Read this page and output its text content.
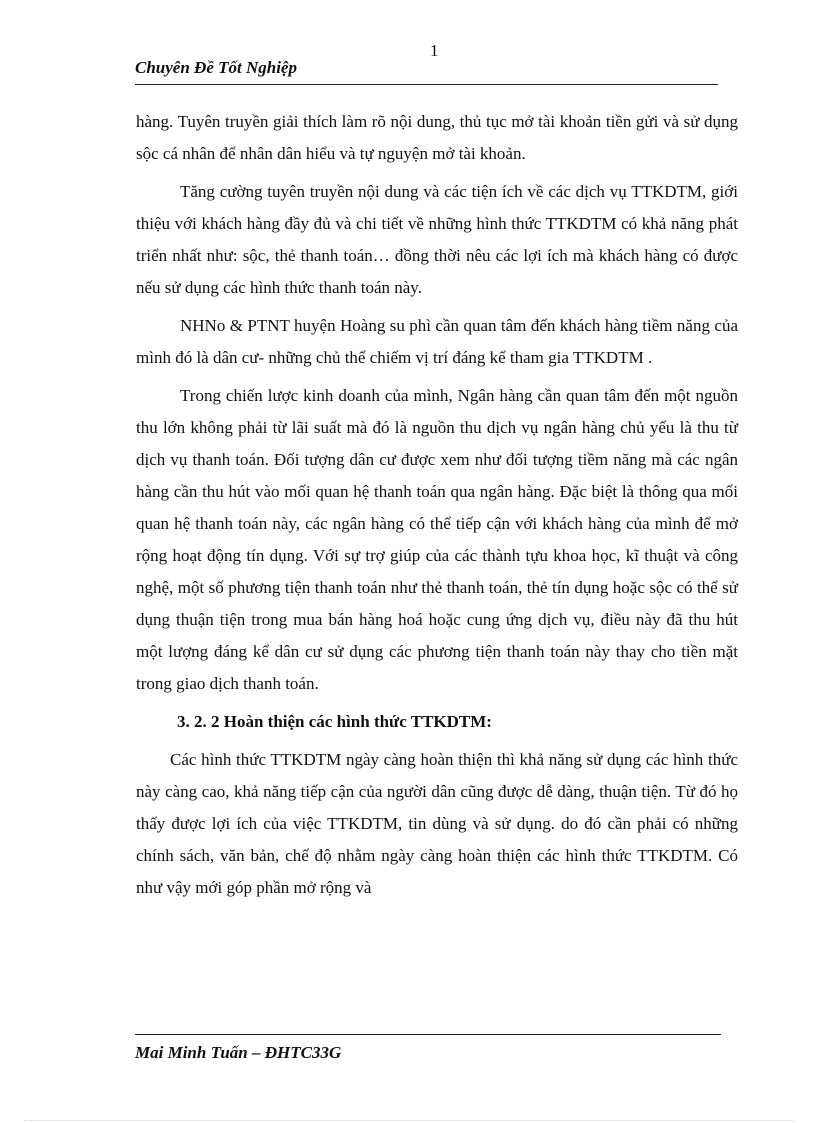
1
Chuyên Đề Tốt Nghiệp

hàng. Tuyên truyền giải thích làm rõ nội dung, thủ tục mở tài khoản tiền gửi và sử dụng sộc cá nhân để nhân dân hiểu và tự nguyện mở tài khoản.

Tăng cường tuyên truyền nội dung và các tiện ích về các dịch vụ TTKDTM, giới thiệu với khách hàng đầy đủ và chi tiết về những hình thức TTKDTM có khả năng phát triển nhất như: sộc, thẻ thanh toán… đồng thời nêu các lợi ích mà khách hàng có được nếu sử dụng các hình thức thanh toán này.

NHNo & PTNT huyện Hoàng su phì cần quan tâm đến khách hàng tiềm năng của mình đó là dân cư- những chủ thể chiếm vị trí đáng kể tham gia TTKDTM .

Trong chiến lược kinh doanh của mình, Ngân hàng cần quan tâm đến một nguồn thu lớn không phải từ lãi suất mà đó là nguồn thu dịch vụ ngân hàng chủ yếu là thu từ dịch vụ thanh toán. Đối tượng dân cư được xem như đối tượng tiềm năng mà các ngân hàng cần thu hút vào mối quan hệ thanh toán qua ngân hàng. Đặc biệt là thông qua mối quan hệ thanh toán này, các ngân hàng có thể tiếp cận với khách hàng của mình để mở rộng hoạt động tín dụng. Với sự trợ giúp của các thành tựu khoa học, kĩ thuật và công nghệ, một số phương tiện thanh toán như thẻ thanh toán, thẻ tín dụng hoặc sộc có thể sử dụng thuận tiện trong mua bán hàng hoá hoặc cung ứng dịch vụ, điều này đã thu hút một lượng đáng kể dân cư sử dụng các phương tiện thanh toán này thay cho tiền mặt trong giao dịch thanh toán.

3. 2. 2 Hoàn thiện các hình thức TTKDTM:

Các hình thức TTKDTM ngày càng hoàn thiện thì khả năng sử dụng các hình thức này càng cao, khả năng tiếp cận của người dân cũng được dễ dàng, thuận tiện. Từ đó họ thấy được lợi ích của việc TTKDTM, tin dùng và sử dụng. do đó cần phải có những chính sách, văn bản, chế độ nhằm ngày càng hoàn thiện các hình thức TTKDTM. Có như vậy mới góp phần mở rộng và

Mai Minh Tuấn – ĐHTC33G
